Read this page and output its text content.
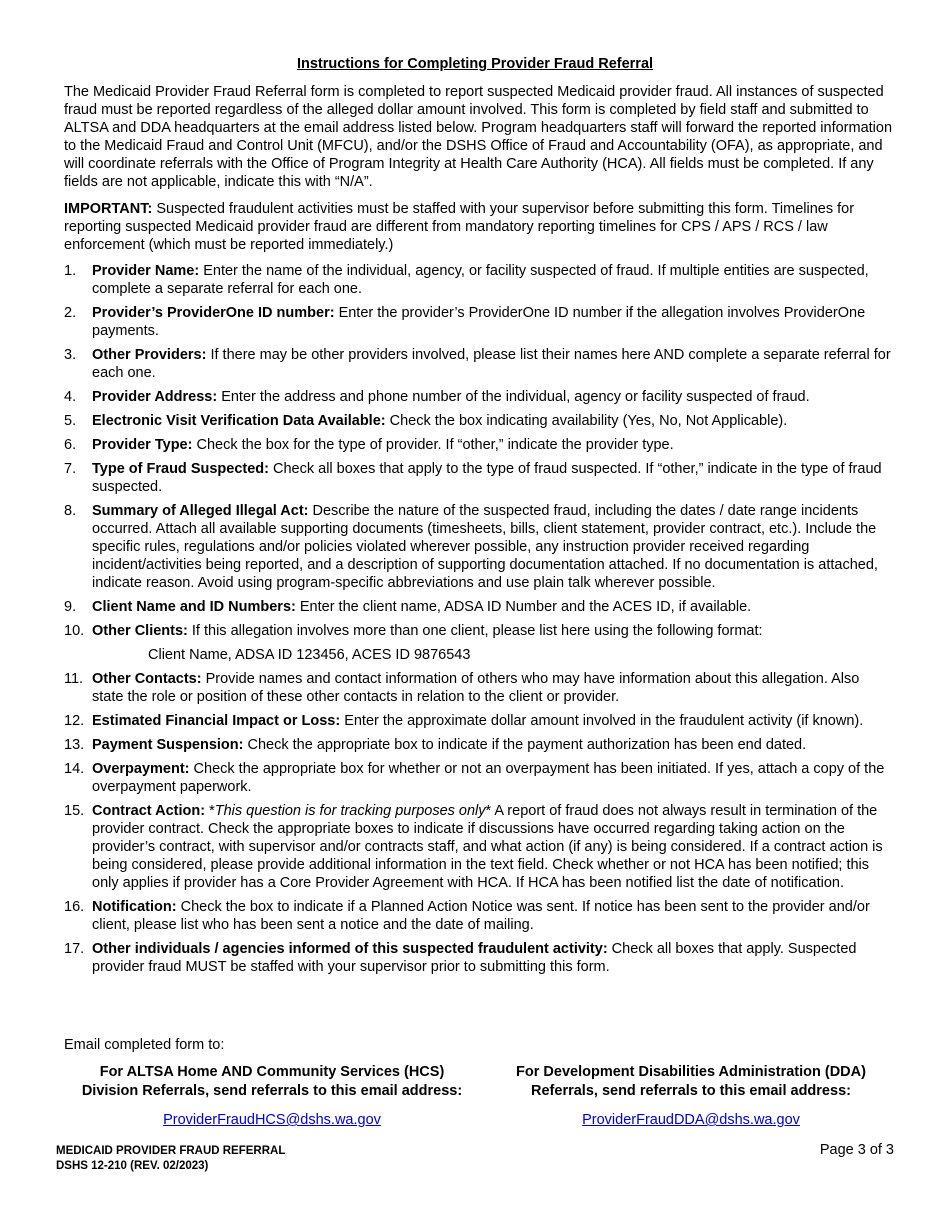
Instructions for Completing Provider Fraud Referral

The Medicaid Provider Fraud Referral form is completed to report suspected Medicaid provider fraud. All instances of suspected fraud must be reported regardless of the alleged dollar amount involved. This form is completed by field staff and submitted to ALTSA and DDA headquarters at the email address listed below. Program headquarters staff will forward the reported information to the Medicaid Fraud and Control Unit (MFCU), and/or the DSHS Office of Fraud and Accountability (OFA), as appropriate, and will coordinate referrals with the Office of Program Integrity at Health Care Authority (HCA). All fields must be completed. If any fields are not applicable, indicate this with “N/A”.

IMPORTANT: Suspected fraudulent activities must be staffed with your supervisor before submitting this form. Timelines for reporting suspected Medicaid provider fraud are different from mandatory reporting timelines for CPS / APS / RCS / law enforcement (which must be reported immediately.)

1.	Provider Name: Enter the name of the individual, agency, or facility suspected of fraud. If multiple entities are suspected, complete a separate referral for each one.
2.	Provider’s ProviderOne ID number: Enter the provider’s ProviderOne ID number if the allegation involves ProviderOne payments.
3.	Other Providers: If there may be other providers involved, please list their names here AND complete a separate referral for each one.
4.	Provider Address: Enter the address and phone number of the individual, agency or facility suspected of fraud.
5.	Electronic Visit Verification Data Available: Check the box indicating availability (Yes, No, Not Applicable).
6.	Provider Type: Check the box for the type of provider. If “other,” indicate the provider type.
7.	Type of Fraud Suspected: Check all boxes that apply to the type of fraud suspected. If “other,” indicate in the type of fraud suspected.
8.	Summary of Alleged Illegal Act: Describe the nature of the suspected fraud, including the dates / date range incidents occurred. Attach all available supporting documents (timesheets, bills, client statement, provider contract, etc.). Include the specific rules, regulations and/or policies violated wherever possible, any instruction provider received regarding incident/activities being reported, and a description of supporting documentation attached. If no documentation is attached, indicate reason. Avoid using program-specific abbreviations and use plain talk wherever possible.
9.	Client Name and ID Numbers: Enter the client name, ADSA ID Number and the ACES ID, if available.
10. Other Clients: If this allegation involves more than one client, please list here using the following format:
Client Name, ADSA ID 123456, ACES ID 9876543
11. Other Contacts: Provide names and contact information of others who may have information about this allegation. Also state the role or position of these other contacts in relation to the client or provider.
12. Estimated Financial Impact or Loss: Enter the approximate dollar amount involved in the fraudulent activity (if known).
13. Payment Suspension: Check the appropriate box to indicate if the payment authorization has been end dated.
14. Overpayment: Check the appropriate box for whether or not an overpayment has been initiated. If yes, attach a copy of the overpayment paperwork.
15. Contract Action: *This question is for tracking purposes only* A report of fraud does not always result in termination of the provider contract. Check the appropriate boxes to indicate if discussions have occurred regarding taking action on the provider’s contract, with supervisor and/or contracts staff, and what action (if any) is being considered. If a contract action is being considered, please provide additional information in the text field. Check whether or not HCA has been notified; this only applies if provider has a Core Provider Agreement with HCA. If HCA has been notified list the date of notification.
16. Notification: Check the box to indicate if a Planned Action Notice was sent. If notice has been sent to the provider and/or client, please list who has been sent a notice and the date of mailing.
17. Other individuals / agencies informed of this suspected fraudulent activity: Check all boxes that apply. Suspected provider fraud MUST be staffed with your supervisor prior to submitting this form.
Email completed form to:
For ALTSA Home AND Community Services (HCS)
Division Referrals, send referrals to this email address:
ProviderFraudHCS@dshs.wa.gov
For Development Disabilities Administration (DDA)
Referrals, send referrals to this email address:
ProviderFraudDDA@dshs.wa.gov
MEDICAID PROVIDER FRAUD REFERRAL
DSHS 12-210 (REV. 02/2023)
Page 3 of 3
